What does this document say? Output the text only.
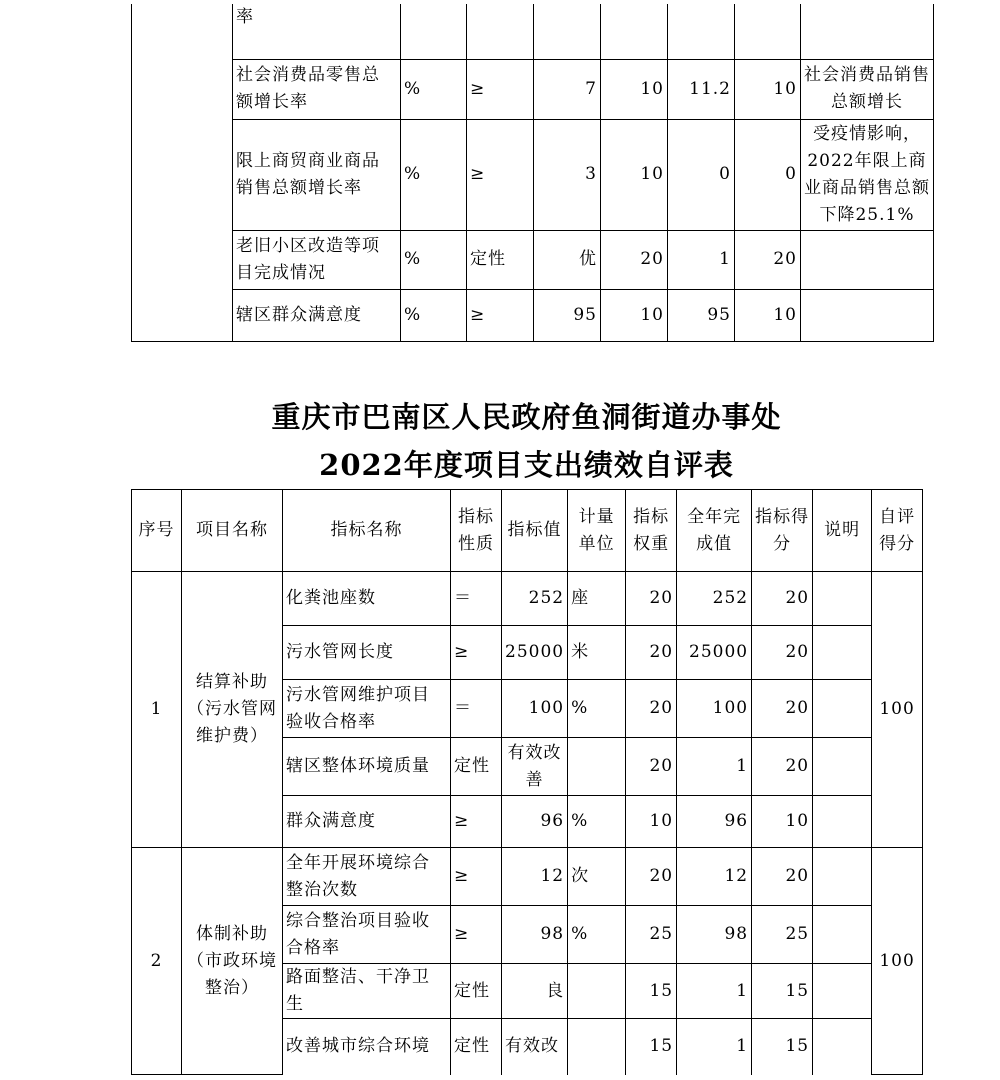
	率							
	社会消费品零售总额增长率	%	≥	7	10	11.2	10	社会消费品销售总额增长
	限上商贸商业商品销售总额增长率	%	≥	3	10	0	0	受疫情影响，2022年限上商业商品销售总额下降25.1%
	老旧小区改造等项目完成情况	%	定性	优	20	1	20	
	辖区群众满意度	%	≥	95	10	95	10	
重庆市巴南区人民政府鱼洞街道办事处
2022年度项目支出绩效自评表
序号	项目名称	指标名称	指标性质	指标值	计量单位	指标权重	全年完成值	指标得分	说明	自评得分
1	结算补助（污水管网维护费）	化粪池座数	＝	252	座	20	252	20		100
		污水管网长度	≥	25000	米	20	25000	20		
		污水管网维护项目验收合格率	＝	100	%	20	100	20		
		辖区整体环境质量	定性	有效改善		20	1	20		
		群众满意度	≥	96	%	10	96	10		
2	体制补助（市政环境整治）	全年开展环境综合整治次数	≥	12	次	20	12	20		100
		综合整治项目验收合格率	≥	98	%	25	98	25		
		路面整洁、干净卫生	定性	良		15	1	15		
		改善城市综合环境	定性	有效改		15	1	15		
